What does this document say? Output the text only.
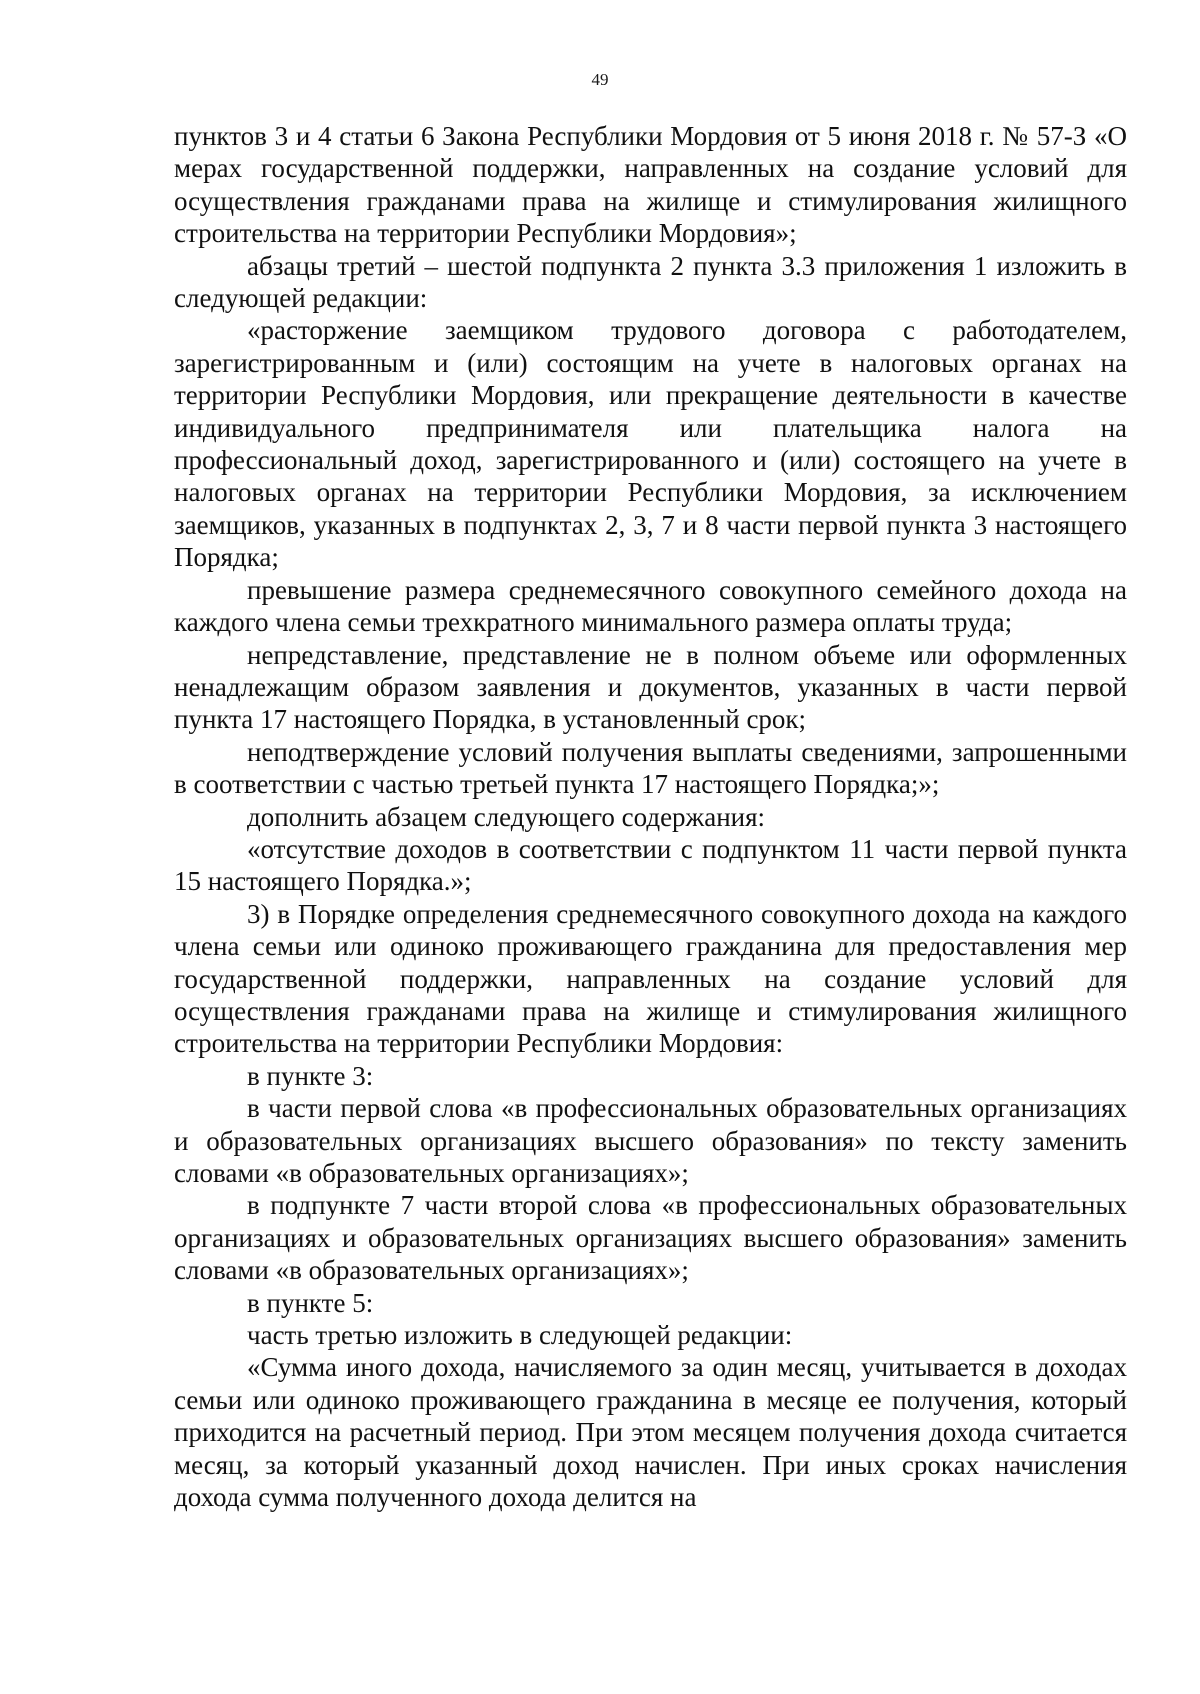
49

пунктов 3 и 4 статьи 6 Закона Республики Мордовия от 5 июня 2018 г. № 57-З «О мерах государственной поддержки, направленных на создание условий для осуществления гражданами права на жилище и стимулирования жилищного строительства на территории Республики Мордовия»;

абзацы третий – шестой подпункта 2 пункта 3.3 приложения 1 изложить в следующей редакции:

«расторжение заемщиком трудового договора с работодателем, зарегистрированным и (или) состоящим на учете в налоговых органах на территории Республики Мордовия, или прекращение деятельности в качестве индивидуального предпринимателя или плательщика налога на профессиональный доход, зарегистрированного и (или) состоящего на учете в налоговых органах на территории Республики Мордовия, за исключением заемщиков, указанных в подпунктах 2, 3, 7 и 8 части первой пункта 3 настоящего Порядка;

превышение размера среднемесячного совокупного семейного дохода на каждого члена семьи трехкратного минимального размера оплаты труда;

непредставление, представление не в полном объеме или оформленных ненадлежащим образом заявления и документов, указанных в части первой пункта 17 настоящего Порядка, в установленный срок;

неподтверждение условий получения выплаты сведениями, запрошенными в соответствии с частью третьей пункта 17 настоящего Порядка;»;

дополнить абзацем следующего содержания:

«отсутствие доходов в соответствии с подпунктом 11 части первой пункта 15 настоящего Порядка.»;

3) в Порядке определения среднемесячного совокупного дохода на каждого члена семьи или одиноко проживающего гражданина для предоставления мер государственной поддержки, направленных на создание условий для осуществления гражданами права на жилище и стимулирования жилищного строительства на территории Республики Мордовия:

в пункте 3:

в части первой слова «в профессиональных образовательных организациях и образовательных организациях высшего образования» по тексту заменить словами «в образовательных организациях»;

в подпункте 7 части второй слова «в профессиональных образовательных организациях и образовательных организациях высшего образования» заменить словами «в образовательных организациях»;

в пункте 5:

часть третью изложить в следующей редакции:

«Сумма иного дохода, начисляемого за один месяц, учитывается в доходах семьи или одиноко проживающего гражданина в месяце ее получения, который приходится на расчетный период. При этом месяцем получения дохода считается месяц, за который указанный доход начислен. При иных сроках начисления дохода сумма полученного дохода делится на
